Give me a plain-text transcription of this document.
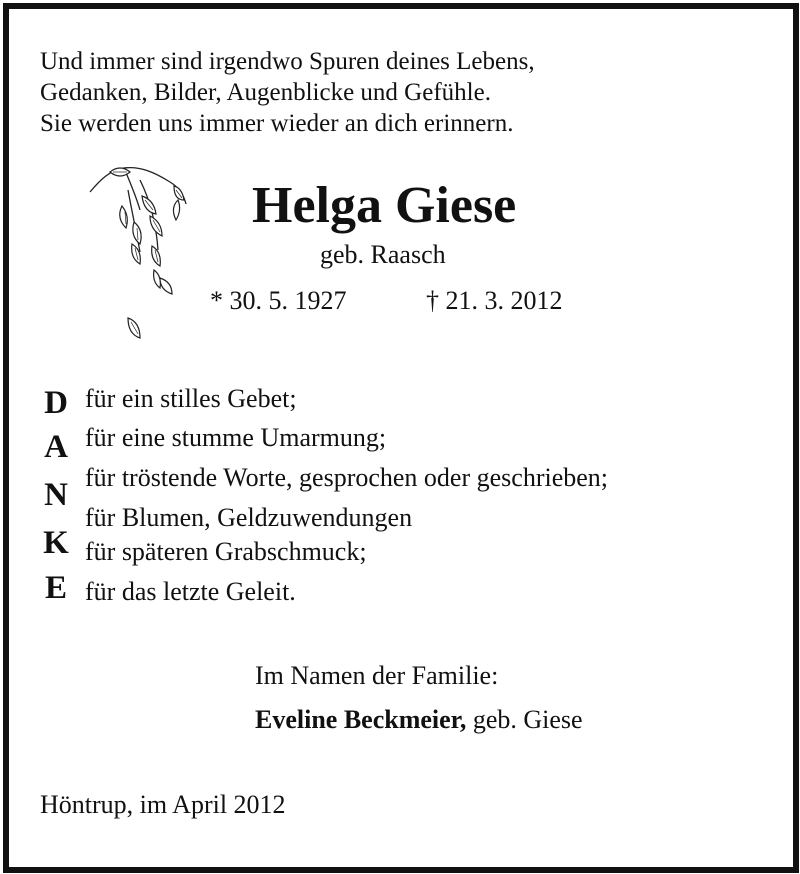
Und immer sind irgendwo Spuren deines Lebens,
Gedanken, Bilder, Augenblicke und Gefühle.
Sie werden uns immer wieder an dich erinnern.
Helga Giese
geb. Raasch
* 30. 5. 1927	† 21. 3. 2012
D
A
N
K
E
für ein stilles Gebet;
für eine stumme Umarmung;
für tröstende Worte, gesprochen oder geschrieben;
für Blumen, Geldzuwendungen
für späteren Grabschmuck;
für das letzte Geleit.
Im Namen der Familie:
Eveline Beckmeier, geb. Giese
Höntrup, im April 2012
